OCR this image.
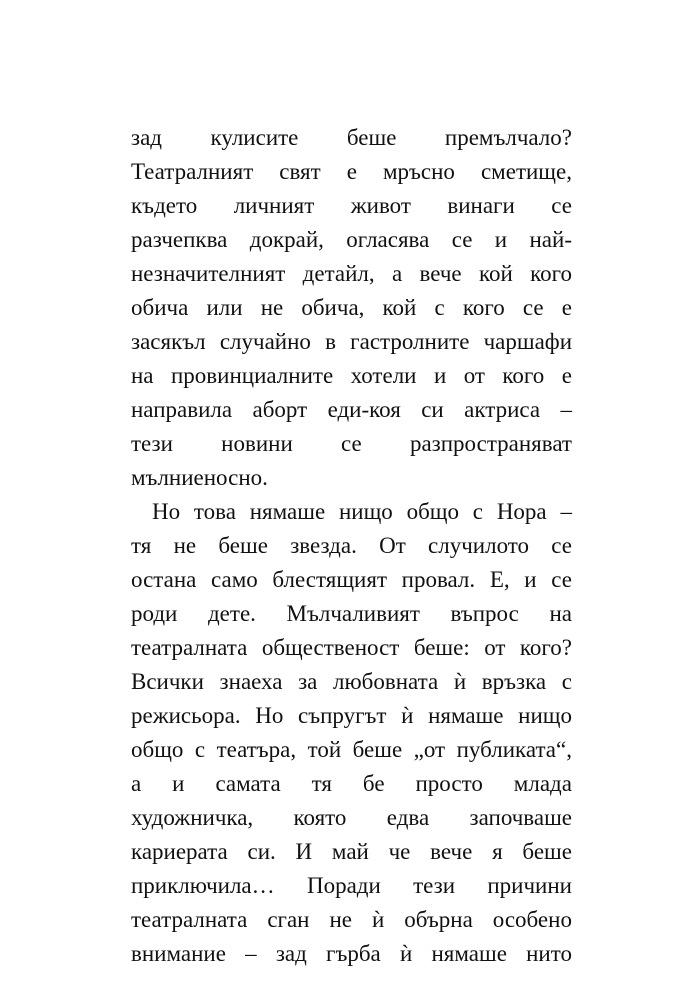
зад кулисите беше премълчало?
Театралният свят е мръсно сметище,
където личният живот винаги се
разчепква докрай, огласява се и най-
незначителният детайл, а вече кой кого
обича или не обича, кой с кого се е
засякъл случайно в гастролните чаршафи
на провинциалните хотели и от кого е
направила аборт еди-коя си актриса –
тези новини се разпространяват
мълниеносно.
Но това нямаше нищо общо с Нора –
тя не беше звезда. От случилото се
остана само блестящият провал. Е, и се
роди дете. Мълчаливият въпрос на
театралната общественост беше: от кого?
Всички знаеха за любовната ѝ връзка с
режисьора. Но съпругът ѝ нямаше нищо
общо с театъра, той беше „от публиката“,
а и самата тя бе просто млада
художничка, която едва започваше
кариерата си. И май че вече я беше
приключила… Поради тези причини
театралната сган не ѝ обърна особено
внимание – зад гърба ѝ нямаше нито
